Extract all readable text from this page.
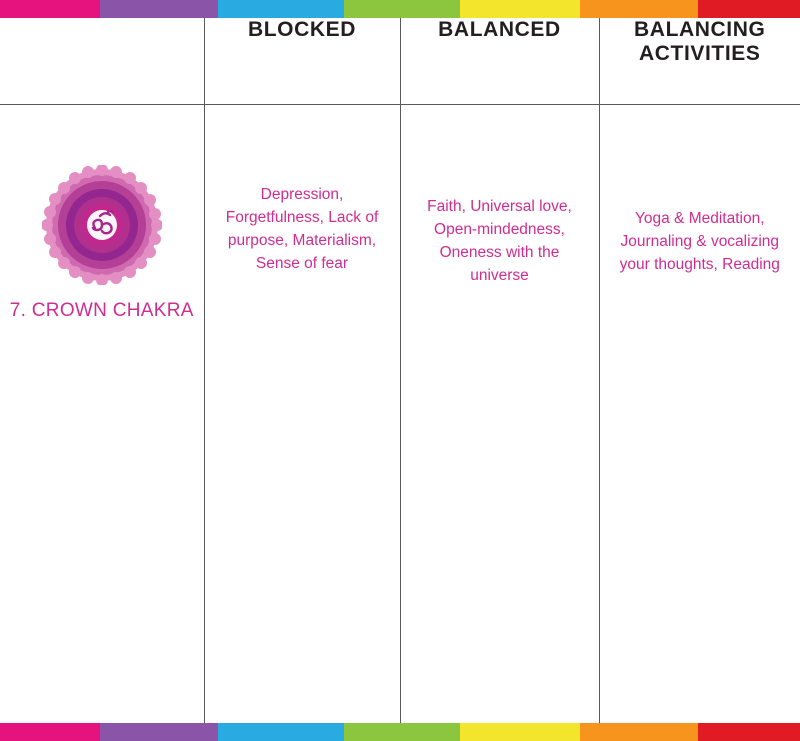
	BLOCKED	BALANCED	BALANCING ACTIVITIES

7. CROWN CHAKRA	Depression, Forgetfulness, Lack of purpose, Materialism, Sense of fear	Faith, Universal love, Open-mindedness, Oneness with the universe	Yoga & Meditation, Journaling & vocalizing your thoughts, Reading
